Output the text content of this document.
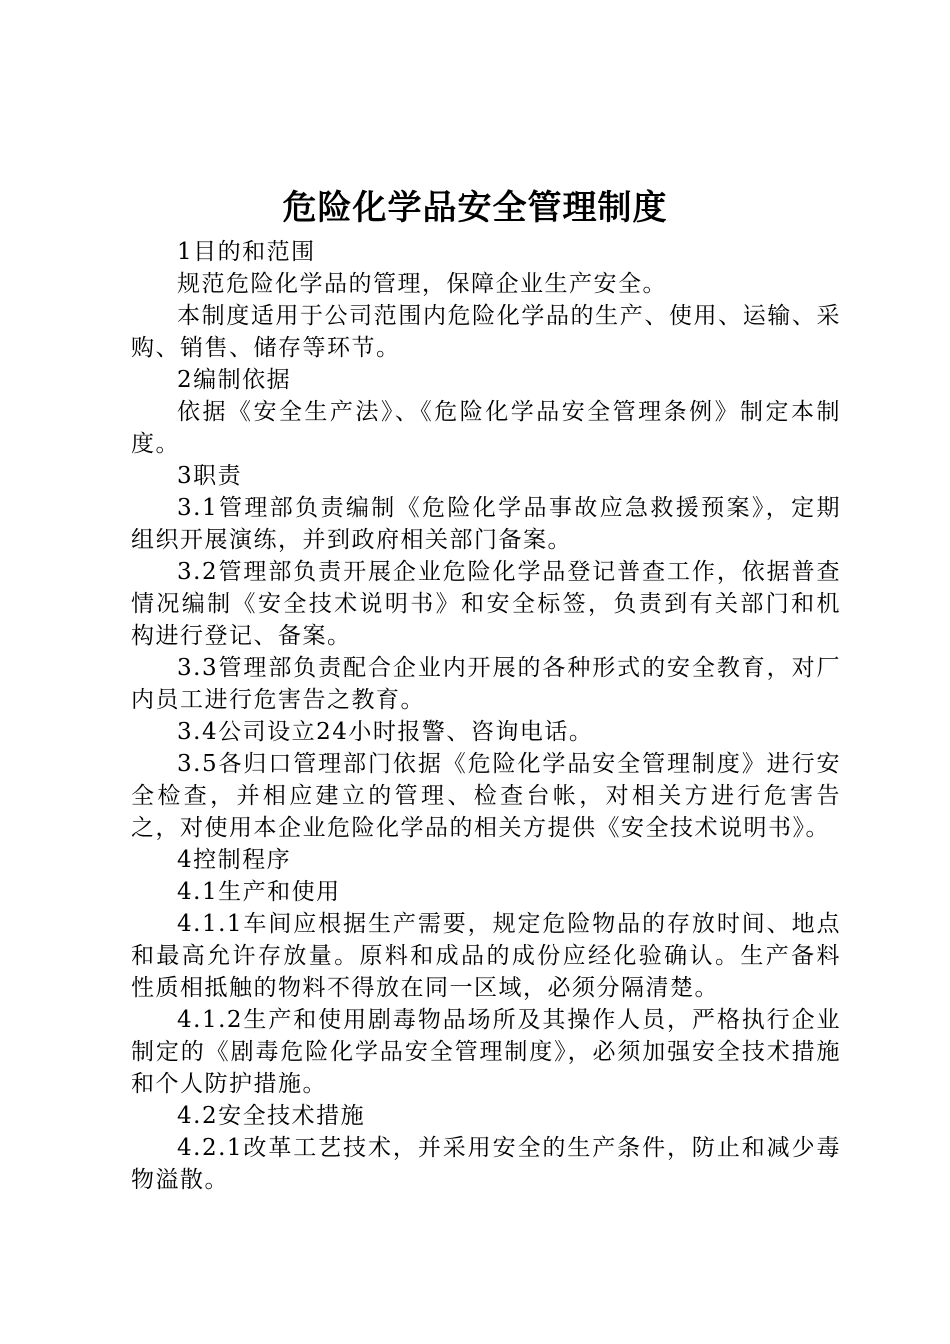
危险化学品安全管理制度

1目的和范围

规范危险化学品的管理，保障企业生产安全。

本制度适用于公司范围内危险化学品的生产、使用、运输、采购、销售、储存等环节。

2编制依据

依据《安全生产法》、《危险化学品安全管理条例》制定本制度。

3职责

3.1管理部负责编制《危险化学品事故应急救援预案》，定期组织开展演练，并到政府相关部门备案。

3.2管理部负责开展企业危险化学品登记普查工作，依据普查情况编制《安全技术说明书》和安全标签，负责到有关部门和机构进行登记、备案。

3.3管理部负责配合企业内开展的各种形式的安全教育，对厂内员工进行危害告之教育。

3.4公司设立24小时报警、咨询电话。

3.5各归口管理部门依据《危险化学品安全管理制度》进行安全检查，并相应建立的管理、检查台帐，对相关方进行危害告之，对使用本企业危险化学品的相关方提供《安全技术说明书》。

4控制程序

4.1生产和使用

4.1.1车间应根据生产需要，规定危险物品的存放时间、地点和最高允许存放量。原料和成品的成份应经化验确认。生产备料性质相抵触的物料不得放在同一区域，必须分隔清楚。

4.1.2生产和使用剧毒物品场所及其操作人员，严格执行企业制定的《剧毒危险化学品安全管理制度》，必须加强安全技术措施和个人防护措施。

4.2安全技术措施

4.2.1改革工艺技术，并采用安全的生产条件，防止和减少毒物溢散。
